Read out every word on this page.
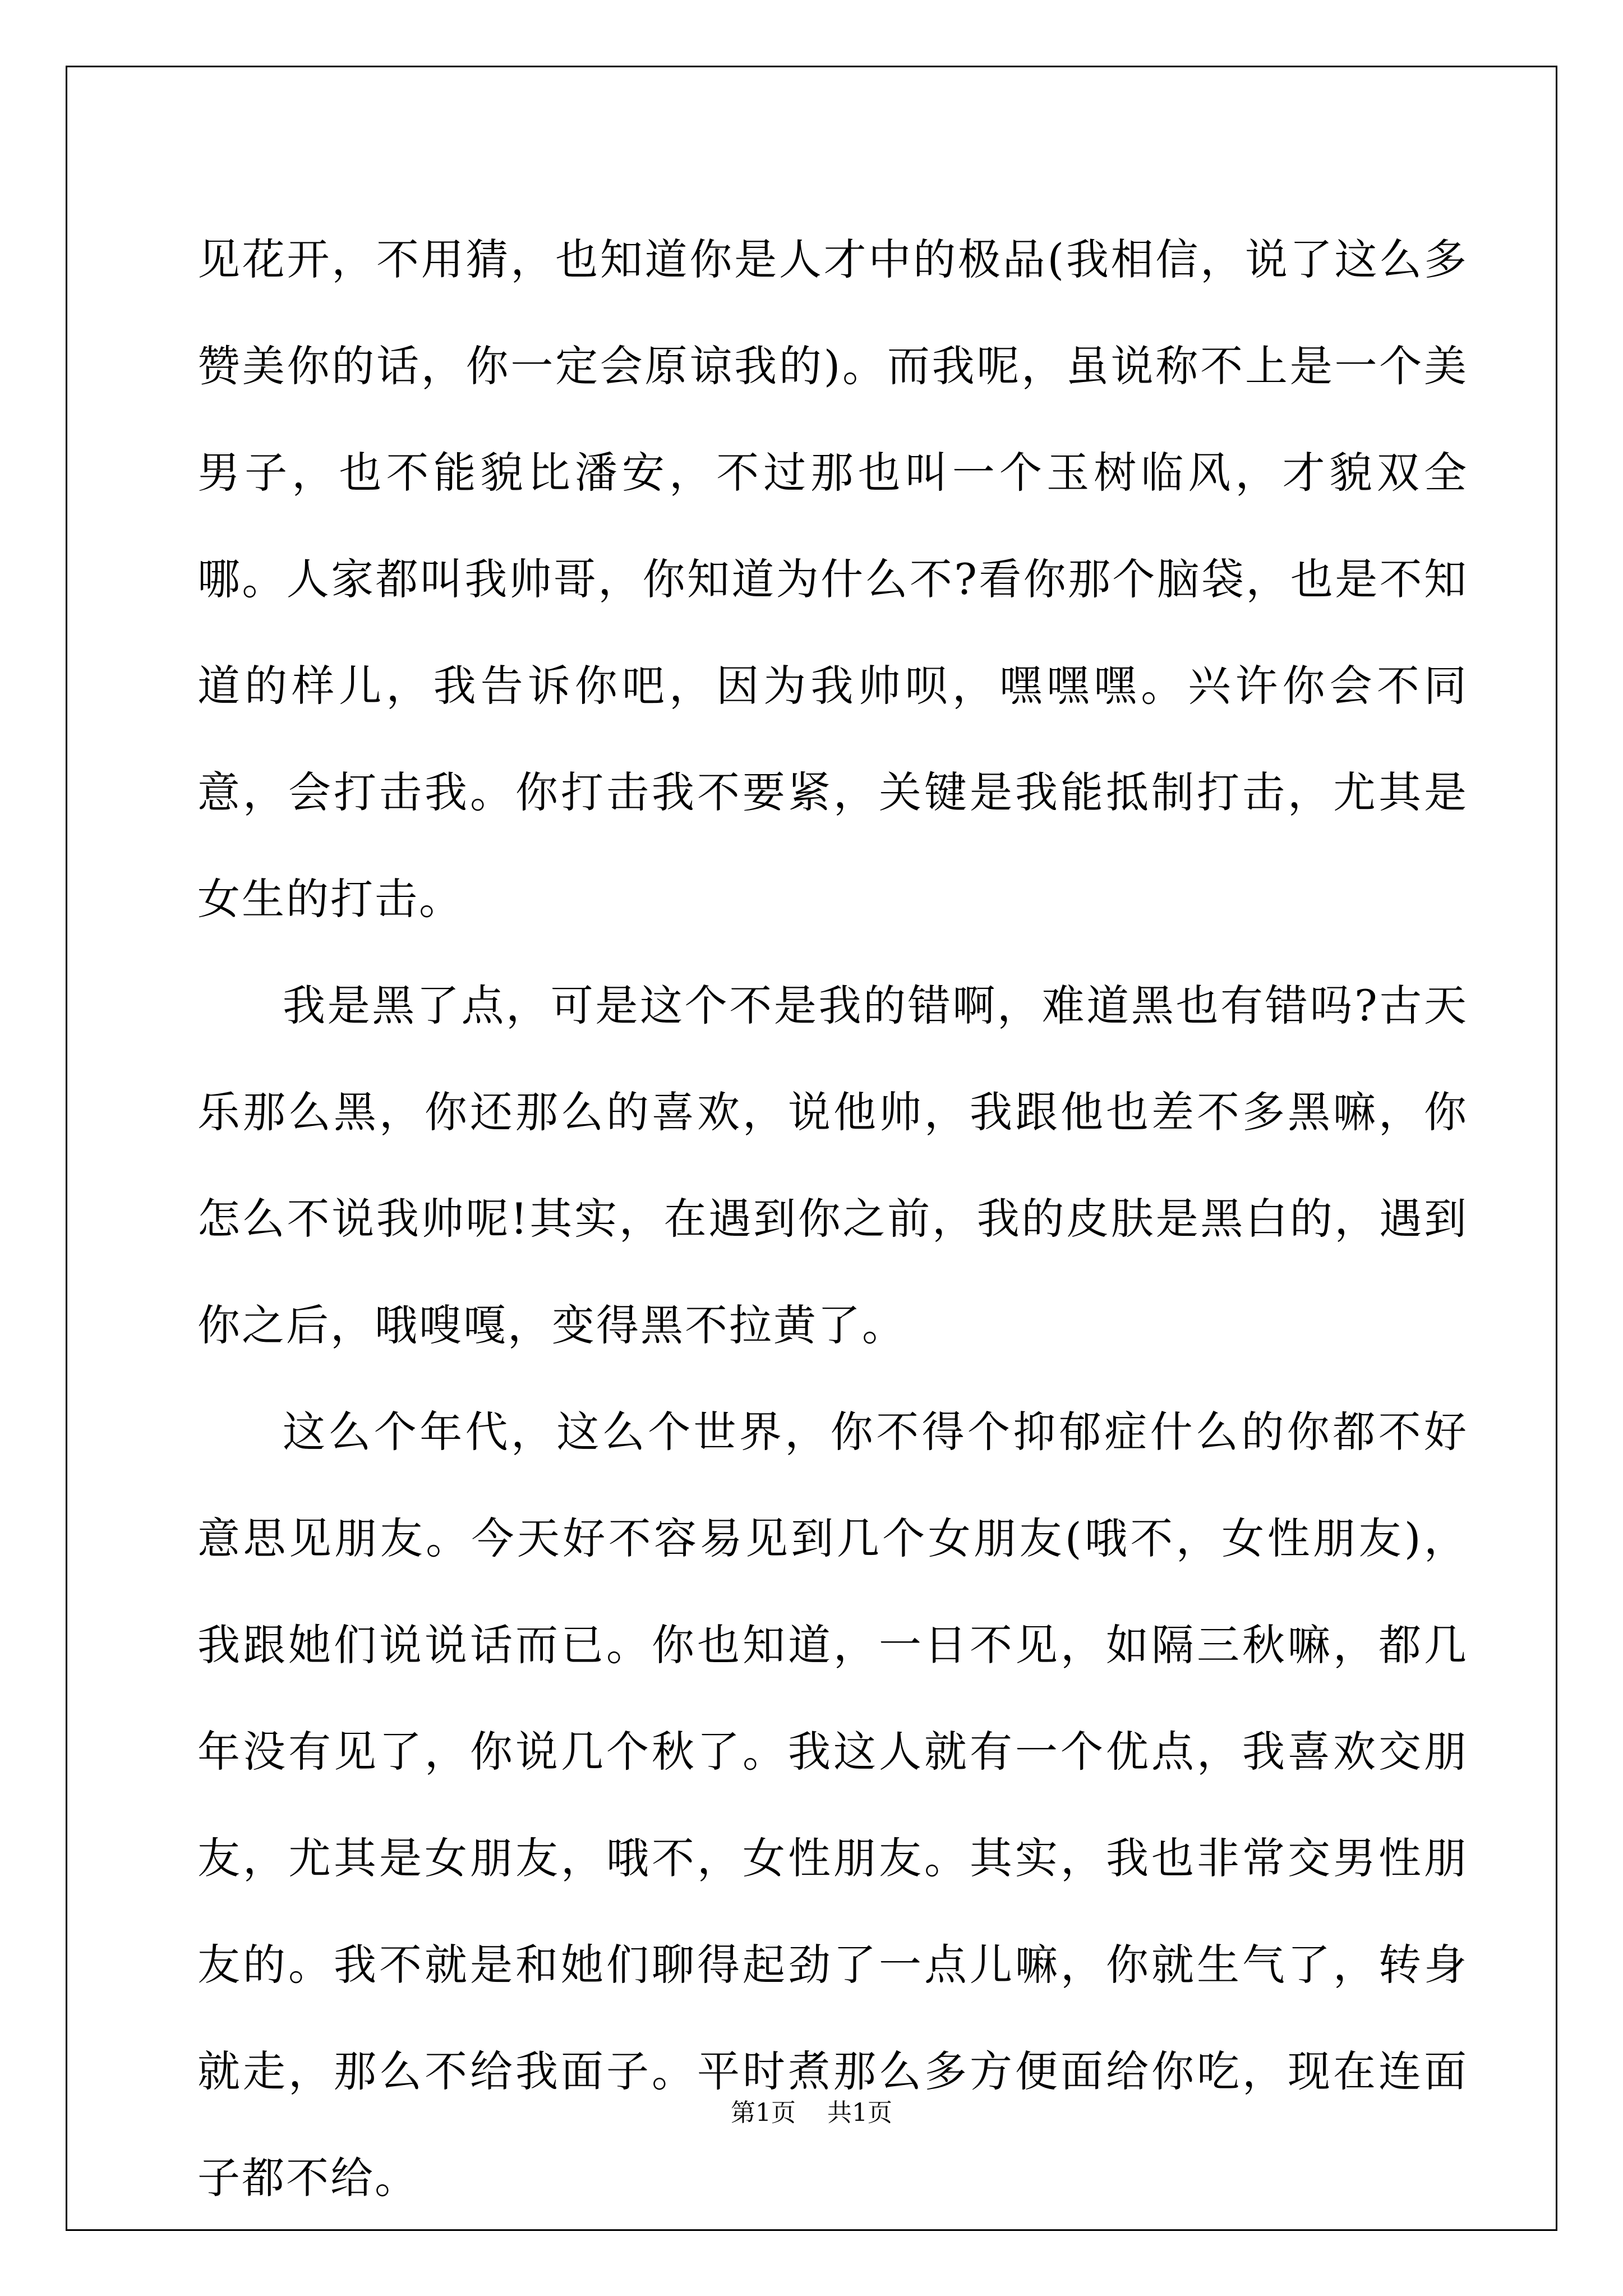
见花开，不用猜，也知道你是人才中的极品(我相信，说了这么多赞美你的话，你一定会原谅我的)。而我呢，虽说称不上是一个美男子，也不能貌比潘安，不过那也叫一个玉树临风，才貌双全哪。人家都叫我帅哥，你知道为什么不?看你那个脑袋，也是不知道的样儿，我告诉你吧，因为我帅呗，嘿嘿嘿。兴许你会不同意，会打击我。你打击我不要紧，关键是我能抵制打击，尤其是女生的打击。

我是黑了点，可是这个不是我的错啊，难道黑也有错吗?古天乐那么黑，你还那么的喜欢，说他帅，我跟他也差不多黑嘛，你怎么不说我帅呢!其实，在遇到你之前，我的皮肤是黑白的，遇到你之后，哦嗖嘎，变得黑不拉黄了。

这么个年代，这么个世界，你不得个抑郁症什么的你都不好意思见朋友。今天好不容易见到几个女朋友(哦不，女性朋友)，我跟她们说说话而已。你也知道，一日不见，如隔三秋嘛，都几年没有见了，你说几个秋了。我这人就有一个优点，我喜欢交朋友，尤其是女朋友，哦不，女性朋友。其实，我也非常交男性朋友的。我不就是和她们聊得起劲了一点儿嘛，你就生气了，转身就走，那么不给我面子。平时煮那么多方便面给你吃，现在连面子都不给。

第1页 共1页
